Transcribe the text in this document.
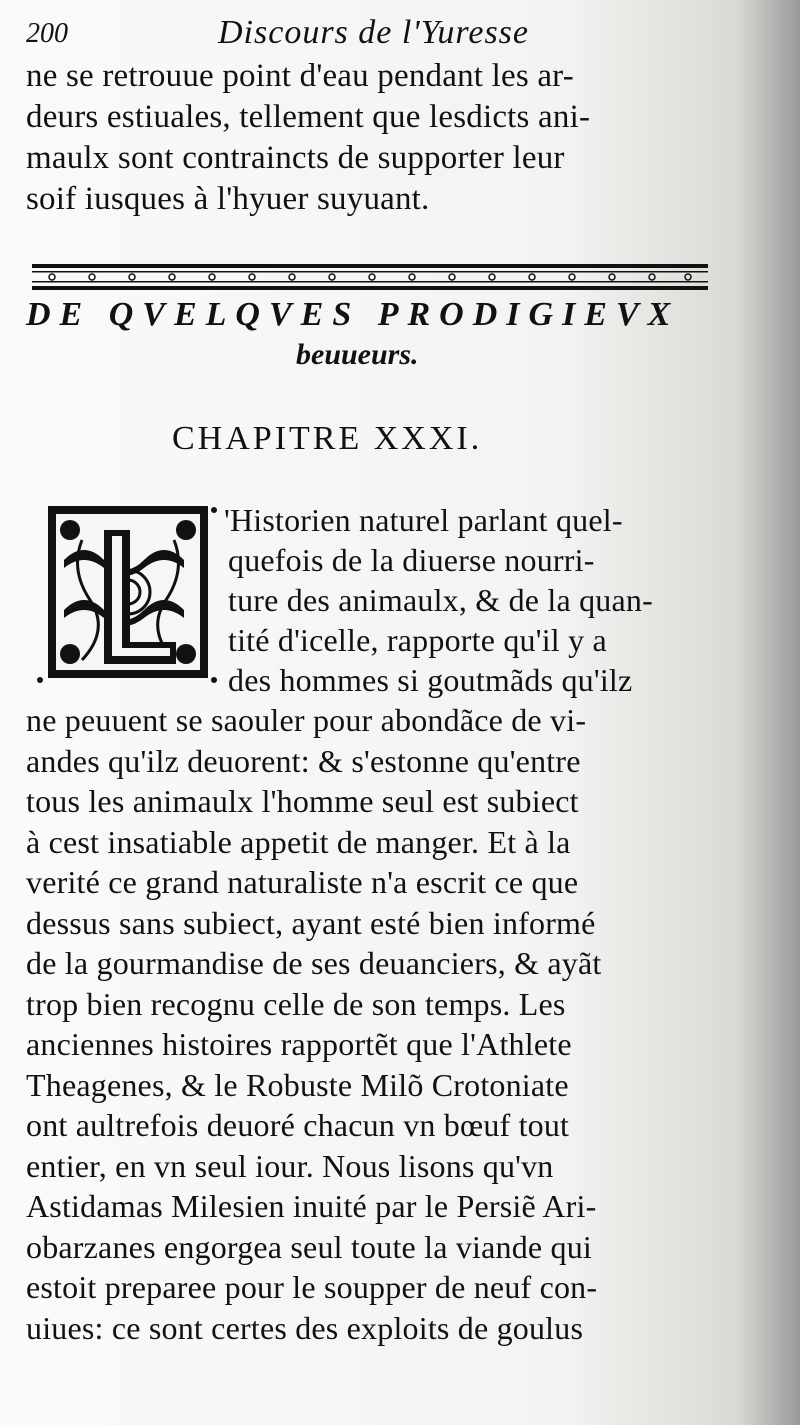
200	Discours de l'Yuresse
ne se retrouue point d'eau pendant les ar-
deurs estiuales, tellement que lesdicts ani-
maulx sont contraincts de supporter leur
soif iusques à l'hyuer suyuant.
DE QVELQVES PRODIGIEVX
beuueurs.
CHAPITRE XXXI.
'Historien naturel parlant quel-
quefois de la diuerse nourri-
ture des animaulx, & de la quan-
tité d'icelle, rapporte qu'il y a
des hommes si goutmãds qu'ilz
ne peuuent se saouler pour abondãce de vi-
andes qu'ilz deuorent: & s'estonne qu'entre
tous les animaulx l'homme seul est subiect
à cest insatiable appetit de manger. Et à la
verité ce grand naturaliste n'a escrit ce que
dessus sans subiect, ayant esté bien informé
de la gourmandise de ses deuanciers, & ayãt
trop bien recognu celle de son temps. Les
anciennes histoires rapportẽt que l'Athlete
Theagenes, & le Robuste Milõ Crotoniate
ont aultrefois deuoré chacun vn bœuf tout
entier, en vn seul iour. Nous lisons qu'vn
Astidamas Milesien inuité par le Persiẽ Ari-
obarzanes engorgea seul toute la viande qui
estoit preparee pour le soupper de neuf con-
uiues: ce sont certes des exploits de goulus
